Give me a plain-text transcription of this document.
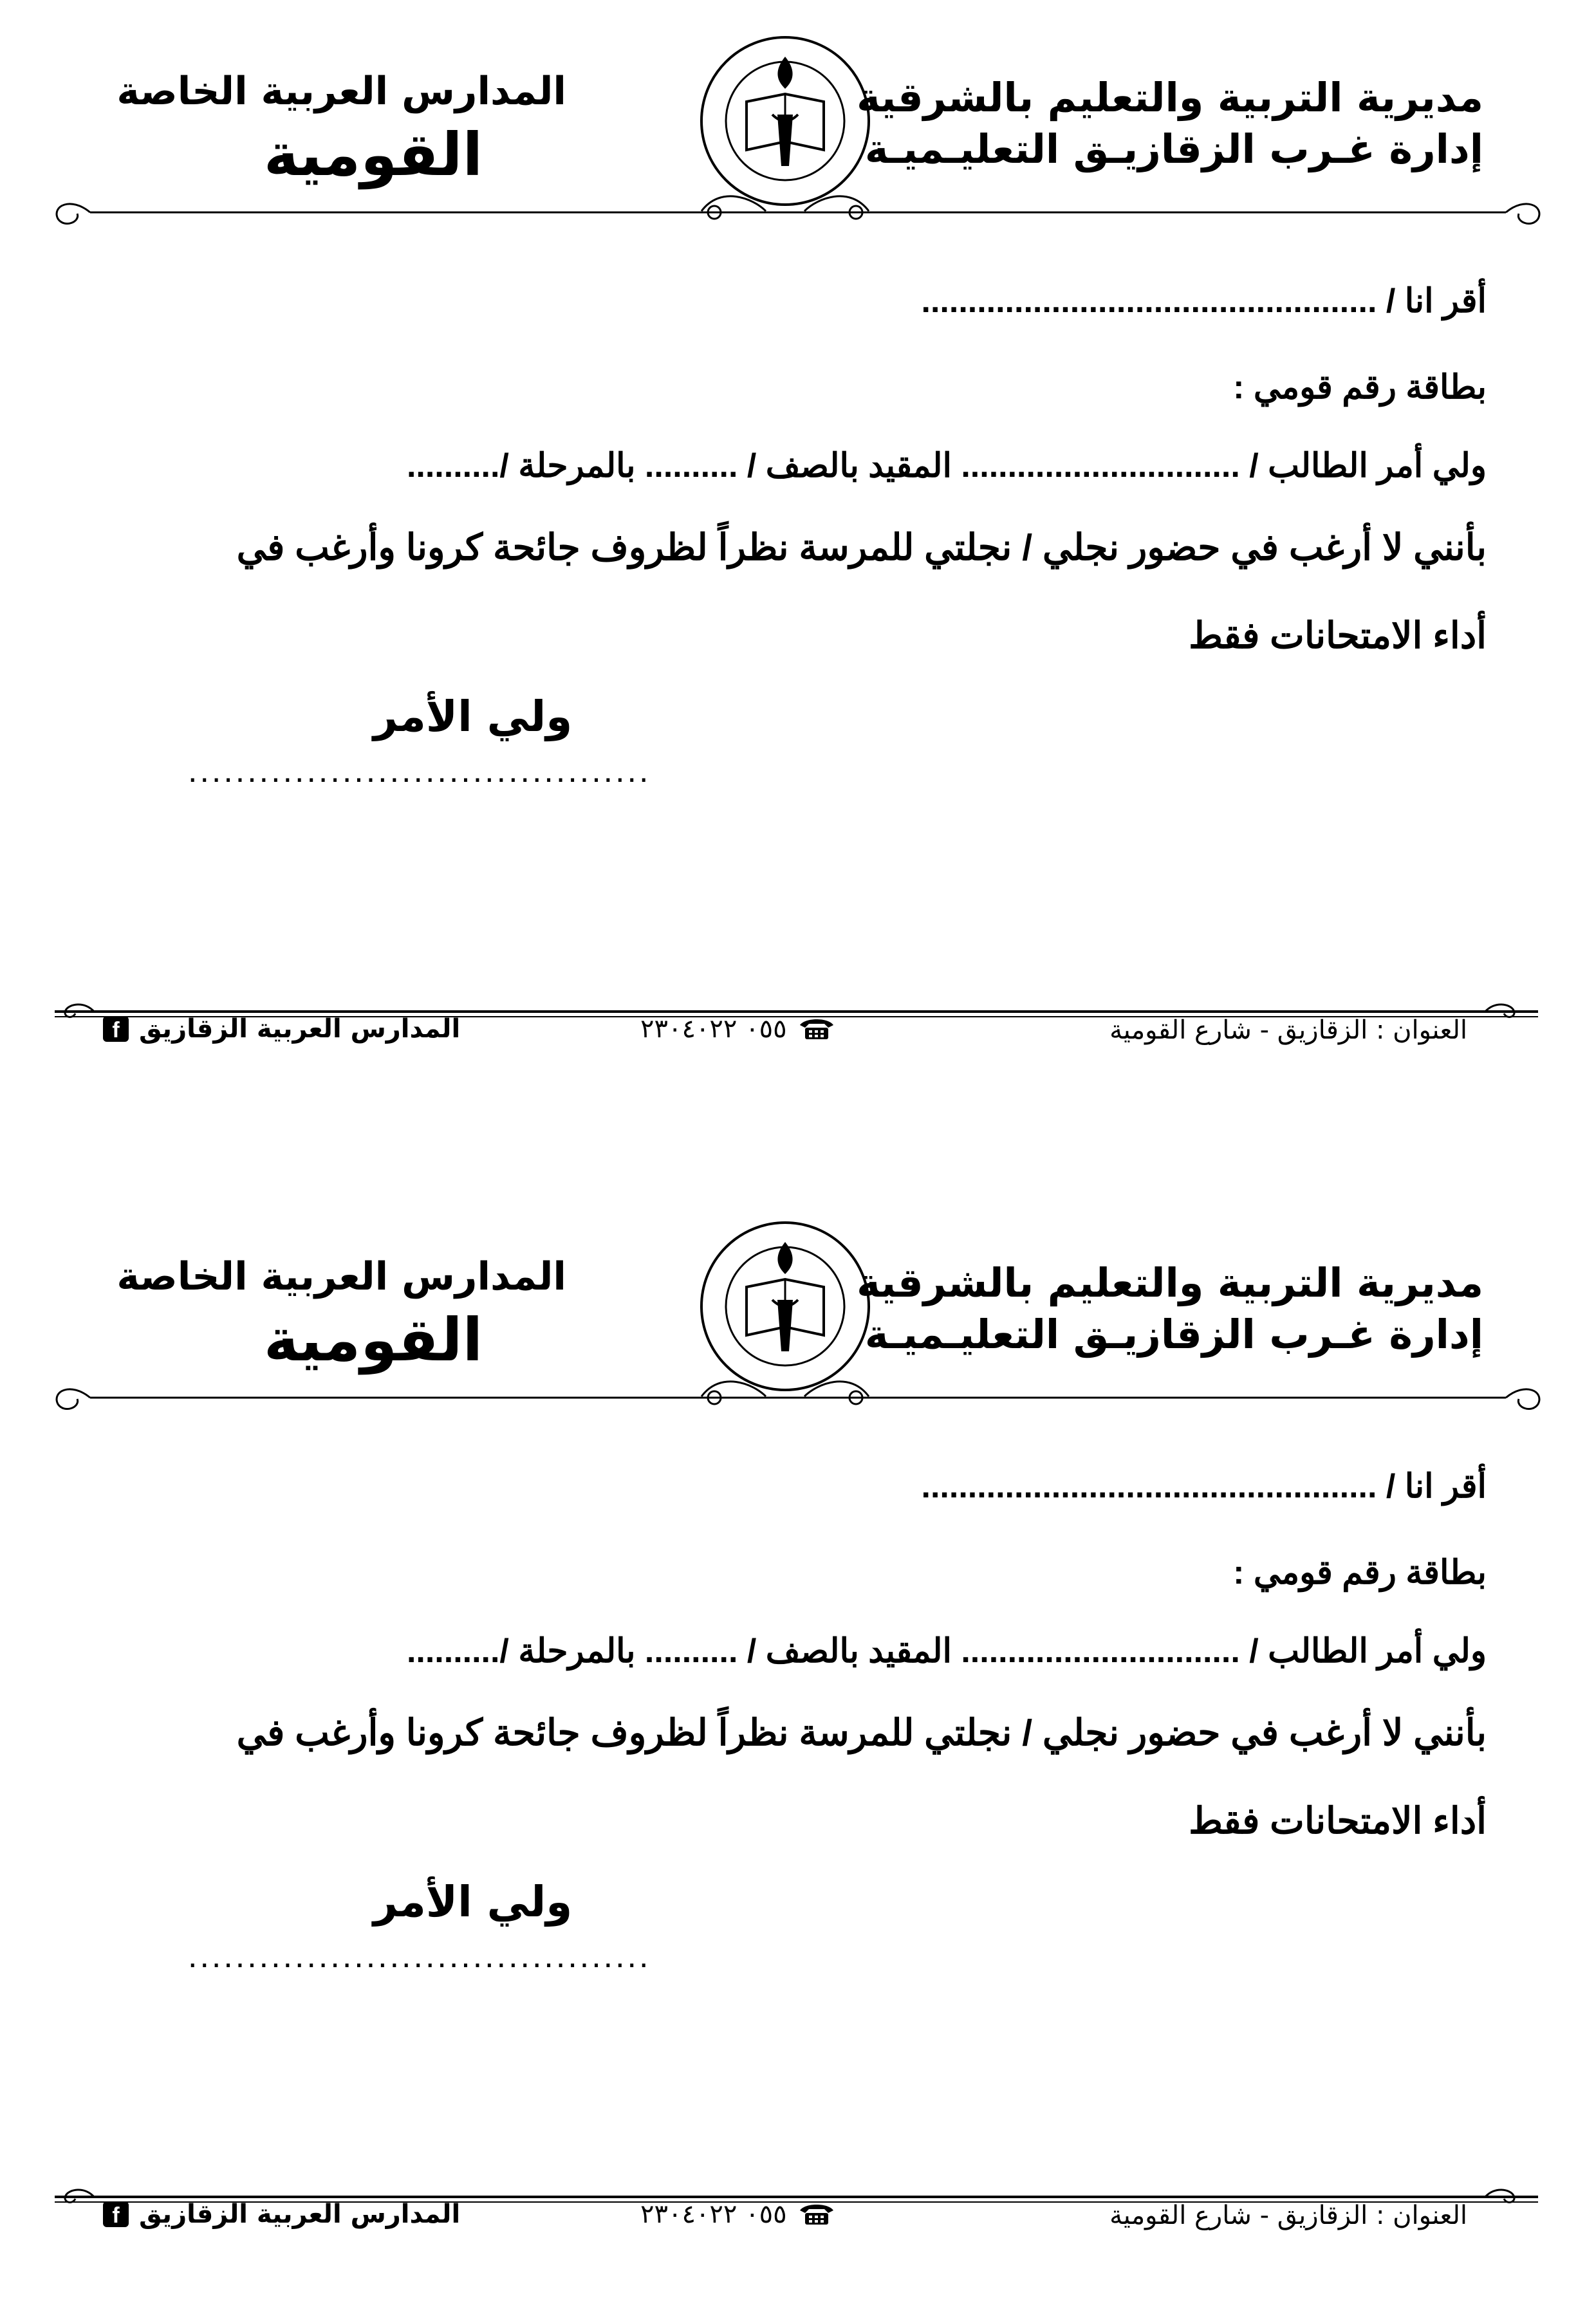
مديرية التربية والتعليم بالشرقية
إدارة غـرب الزقازيـق التعليـميـة
المدارس العربية الخاصة
القومية
أقر انا / .................................................
بطاقة رقم قومي :
ولي أمر الطالب / .............................. المقيد بالصف / .......... بالمرحلة /..........
بأنني لا أرغب في حضور نجلي / نجلتي للمرسة نظراً لظروف جائحة كرونا وأرغب في
أداء الامتحانات فقط
ولي الأمر
.......................................
العنوان : الزقازيق - شارع القومية
٠٥٥ ٢٣٠٤٠٢٢
المدارس العربية الزقازيق
f
مديرية التربية والتعليم بالشرقية
إدارة غـرب الزقازيـق التعليـميـة
المدارس العربية الخاصة
القومية
أقر انا / .................................................
بطاقة رقم قومي :
ولي أمر الطالب / .............................. المقيد بالصف / .......... بالمرحلة /..........
بأنني لا أرغب في حضور نجلي / نجلتي للمرسة نظراً لظروف جائحة كرونا وأرغب في
أداء الامتحانات فقط
ولي الأمر
.......................................
العنوان : الزقازيق - شارع القومية
٠٥٥ ٢٣٠٤٠٢٢
المدارس العربية الزقازيق
f
